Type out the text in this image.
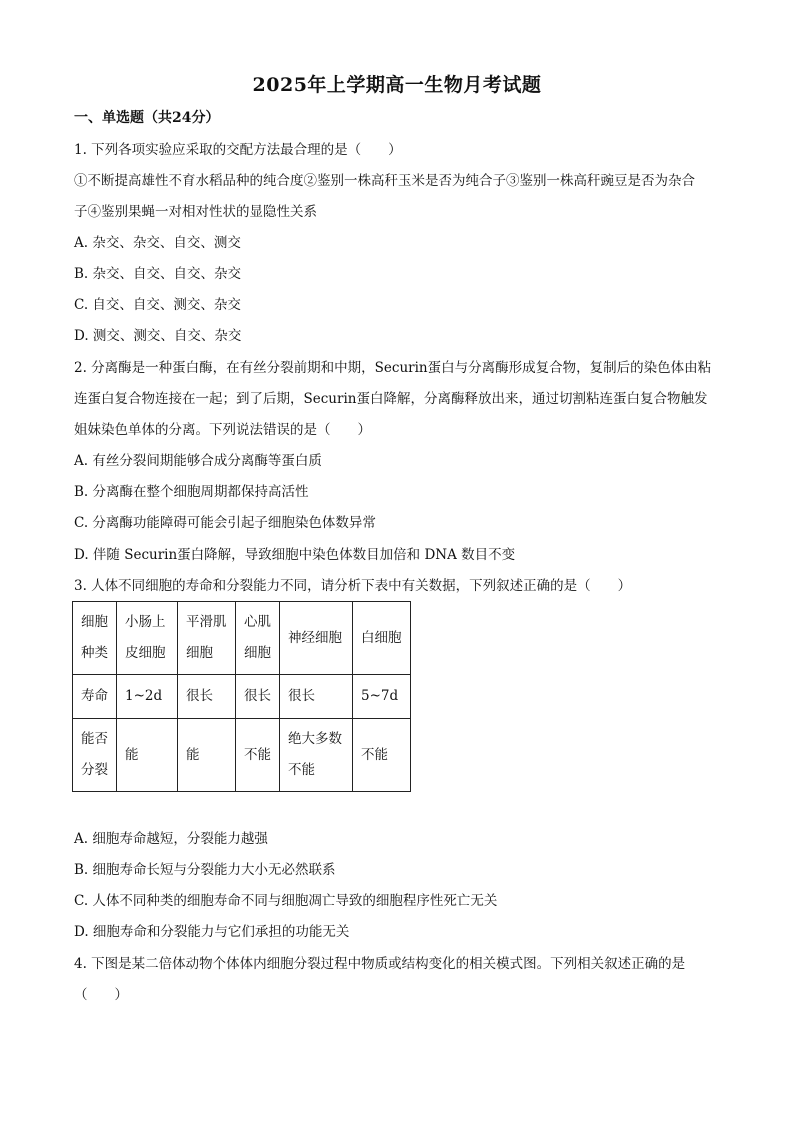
2025年上学期高一生物月考试题
一、单选题（共24分）
1. 下列各项实验应采取的交配方法最合理的是（　　）
①不断提高雄性不育水稻品种的纯合度②鉴别一株高秆玉米是否为纯合子③鉴别一株高秆豌豆是否为杂合
子④鉴别果蝇一对相对性状的显隐性关系
A. 杂交、杂交、自交、测交
B. 杂交、自交、自交、杂交
C. 自交、自交、测交、杂交
D. 测交、测交、自交、杂交
2. 分离酶是一种蛋白酶，在有丝分裂前期和中期，Securin蛋白与分离酶形成复合物，复制后的染色体由粘
连蛋白复合物连接在一起；到了后期，Securin蛋白降解，分离酶释放出来，通过切割粘连蛋白复合物触发
姐妹染色单体的分离。下列说法错误的是（　　）
A. 有丝分裂间期能够合成分离酶等蛋白质
B. 分离酶在整个细胞周期都保持高活性
C. 分离酶功能障碍可能会引起子细胞染色体数异常
D. 伴随 Securin蛋白降解，导致细胞中染色体数目加倍和 DNA 数目不变
3. 人体不同细胞的寿命和分裂能力不同，请分析下表中有关数据，下列叙述正确的是（　　）
细胞种类	小肠上皮细胞	平滑肌细胞	心肌细胞	神经细胞	白细胞

寿命	1~2d	很长	很长	很长	5~7d

能否分裂	能	能	不能	绝大多数不能	不能
A. 细胞寿命越短，分裂能力越强
B. 细胞寿命长短与分裂能力大小无必然联系
C. 人体不同种类的细胞寿命不同与细胞凋亡导致的细胞程序性死亡无关
D. 细胞寿命和分裂能力与它们承担的功能无关
4. 下图是某二倍体动物个体体内细胞分裂过程中物质或结构变化的相关模式图。下列相关叙述正确的是
（　　）
